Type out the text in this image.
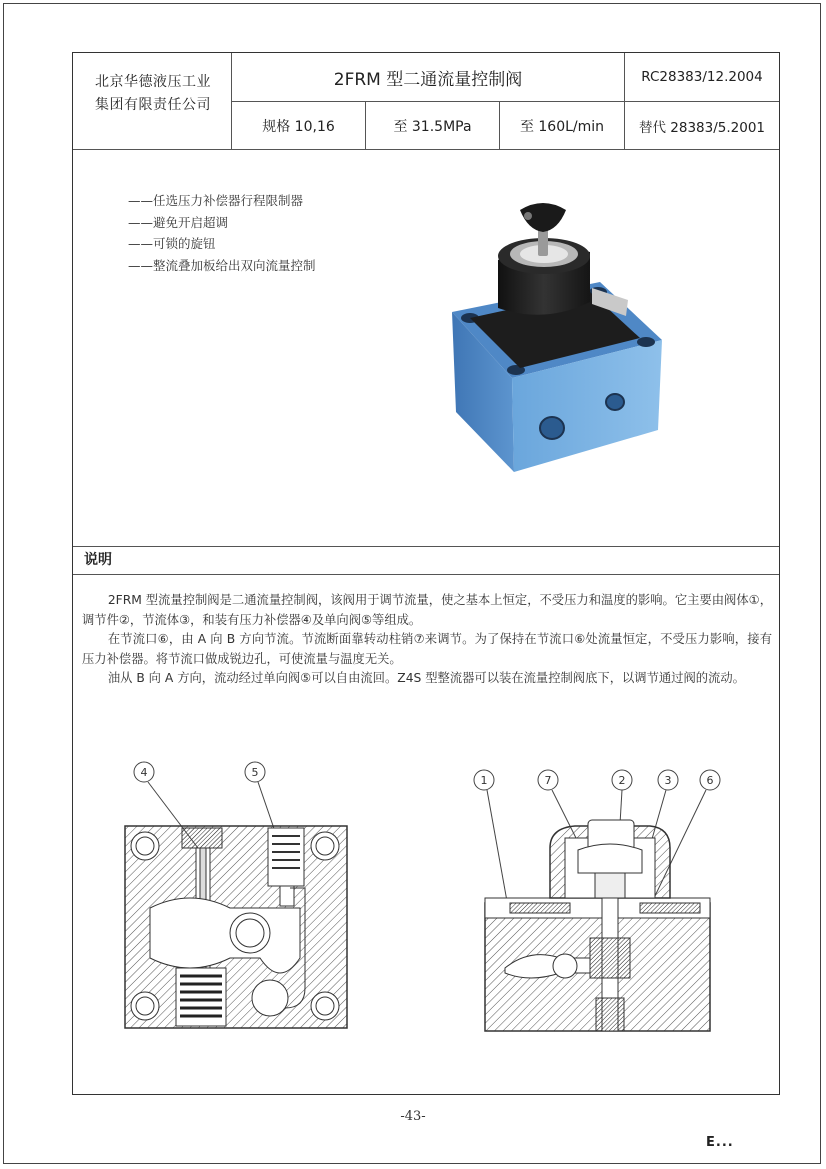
北京华德液压工业
集团有限责任公司
2FRM 型二通流量控制阀	RC28383/12.2004
规格 10,16	至 31.5MPa	至 160L/min	替代 28383/5.2001
——任选压力补偿器行程限制器
——避免开启超调
——可锁的旋钮
——整流叠加板给出双向流量控制
说明

2FRM 型流量控制阀是二通流量控制阀，该阀用于调节流量，使之基本上恒定，不受压力和温度的影响。它主要由阀体①，调节件②，节流体③，和装有压力补偿器④及单向阀⑤等组成。

在节流口⑥，由 A 向 B 方向节流。节流断面靠转动柱销⑦来调节。为了保持在节流口⑥处流量恒定，不受压力影响，接有压力补偿器。将节流口做成锐边孔，可使流量与温度无关。

油从 B 向 A 方向，流动经过单向阀⑤可以自由流回。Z4S 型整流器可以装在流量控制阀底下，以调节通过阀的流动。

4	5
1	7	2	3	6
-43-
E...
